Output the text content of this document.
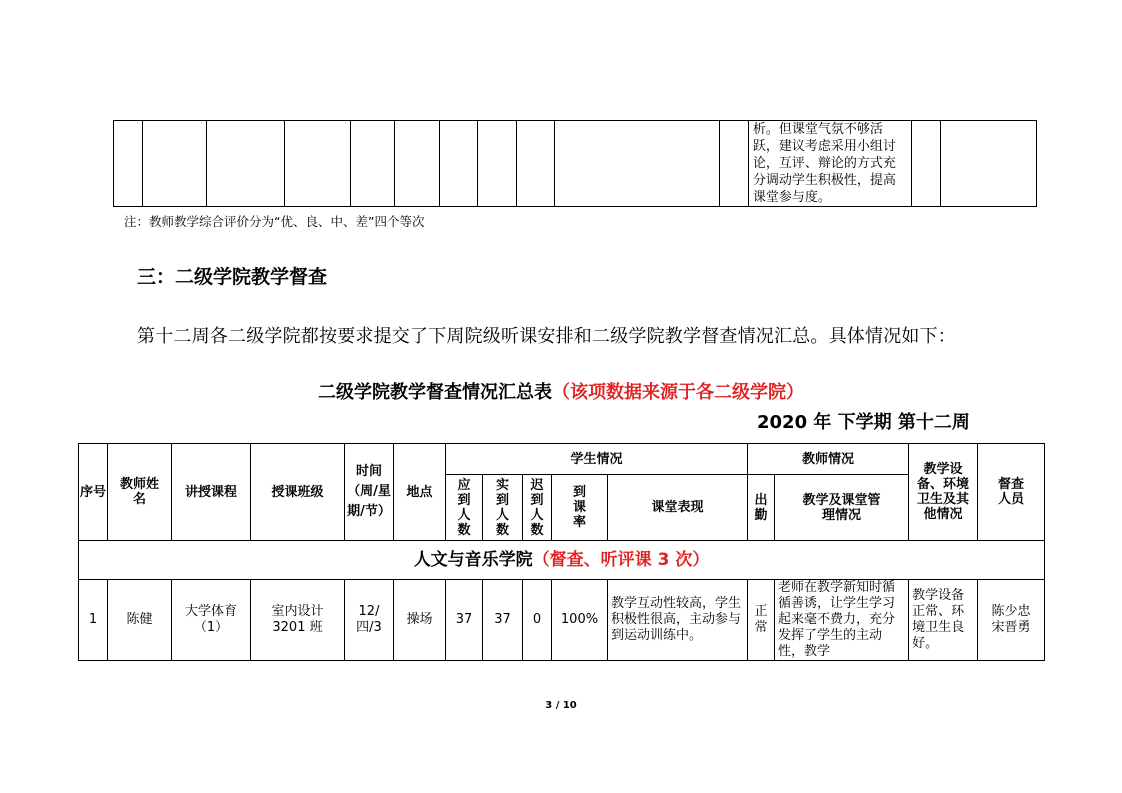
											析。但课堂气氛不够活跃，建议考虑采用小组讨论，互评、辩论的方式充分调动学生积极性，提高课堂参与度。		
注：教师教学综合评价分为“优、良、中、差”四个等次
三：二级学院教学督查
第十二周各二级学院都按要求提交了下周院级听课安排和二级学院教学督查情况汇总。具体情况如下：
二级学院教学督查情况汇总表（该项数据来源于各二级学院）
2020 年 下学期 第十二周
序号	教师姓名	讲授课程	授课班级	时间（周/星期/节）	地点	学生情况					教师情况		教学设备、环境卫生及其他情况	督查人员
						应到人数	实到人数	迟到人数	到课率	课堂表现	出勤	教学及课堂管理情况		
人文与音乐学院（督查、听评课 3 次）														
1	陈健	大学体育（1）	室内设计 3201 班	12/四/3	操场	37	37	0	100%	教学互动性较高，学生积极性很高，主动参与到运动训练中。	正常	老师在教学新知时循循善诱，让学生学习起来毫不费力，充分发挥了学生的主动性，教学	教学设备正常、环境卫生良好。	陈少忠 宋晋勇
3 / 10
